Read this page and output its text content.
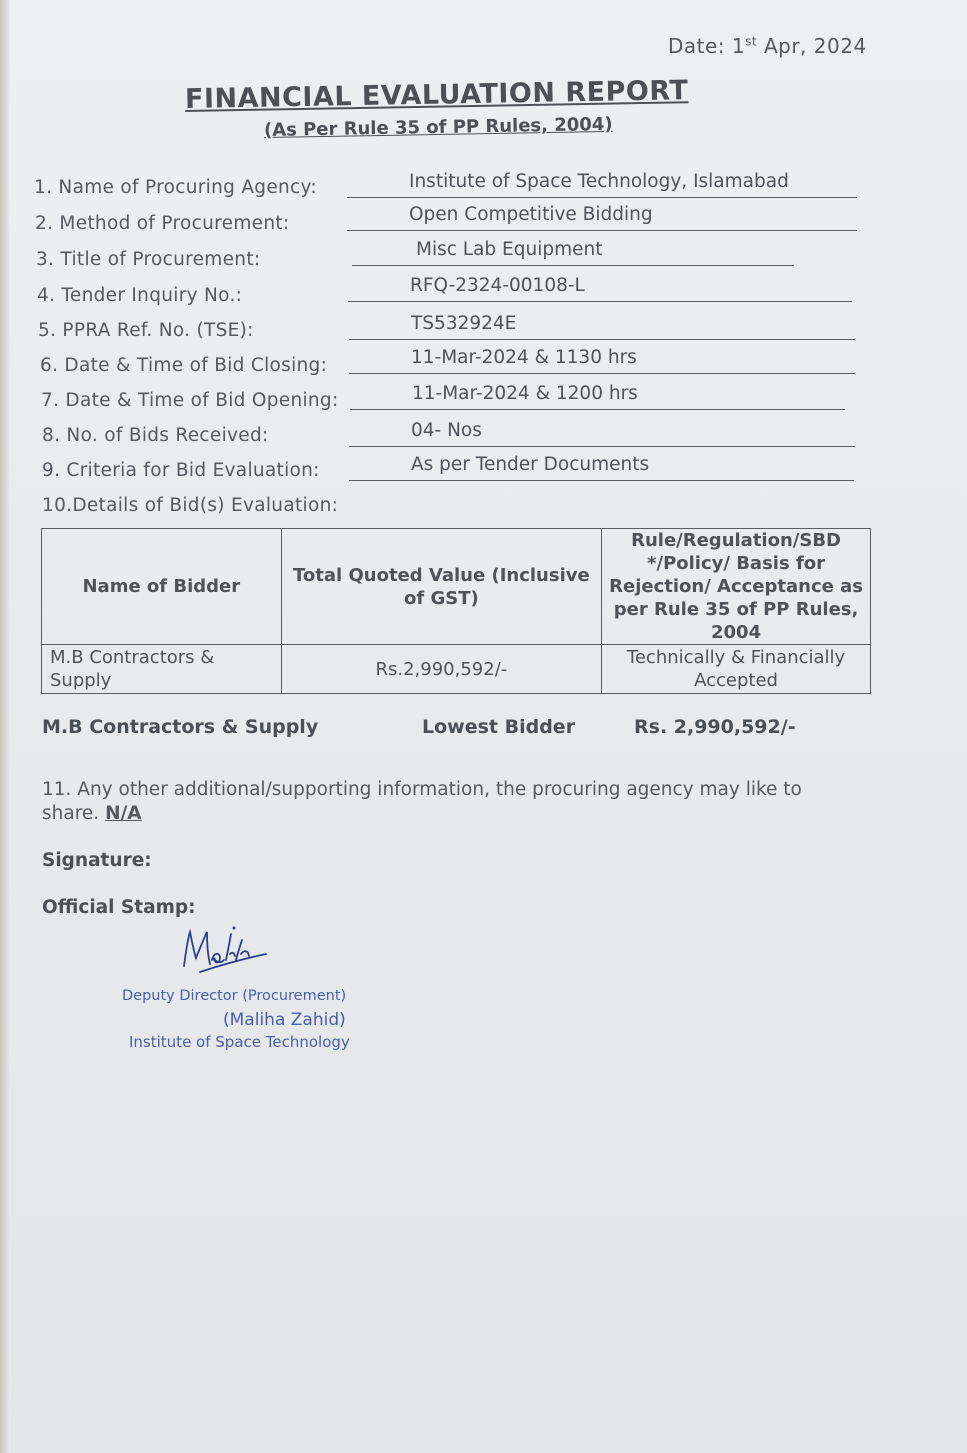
Date: 1st Apr, 2024
FINANCIAL EVALUATION REPORT
(As Per Rule 35 of PP Rules, 2004)
1. Name of Procuring Agency:	Institute of Space Technology, Islamabad
2. Method of Procurement:	Open Competitive Bidding
3. Title of Procurement:	Misc Lab Equipment
4. Tender Inquiry No.:	RFQ-2324-00108-L
5. PPRA Ref. No. (TSE):	TS532924E
6. Date & Time of Bid Closing:	11-Mar-2024 & 1130 hrs
7. Date & Time of Bid Opening:	11-Mar-2024 & 1200 hrs
8. No. of Bids Received:	04- Nos
9. Criteria for Bid Evaluation:	As per Tender Documents
10.Details of Bid(s) Evaluation:
Name of Bidder	Total Quoted Value (Inclusive of GST)	Rule/Regulation/SBD */Policy/ Basis for Rejection/ Acceptance as per Rule 35 of PP Rules, 2004
M.B Contractors & Supply	Rs.2,990,592/-	Technically & Financially Accepted
M.B Contractors & Supply	Lowest Bidder	Rs. 2,990,592/-
11. Any other additional/supporting information, the procuring agency may like to share. N/A
Signature:
Official Stamp:
Deputy Director (Procurement)
(Maliha Zahid)
Institute of Space Technology
